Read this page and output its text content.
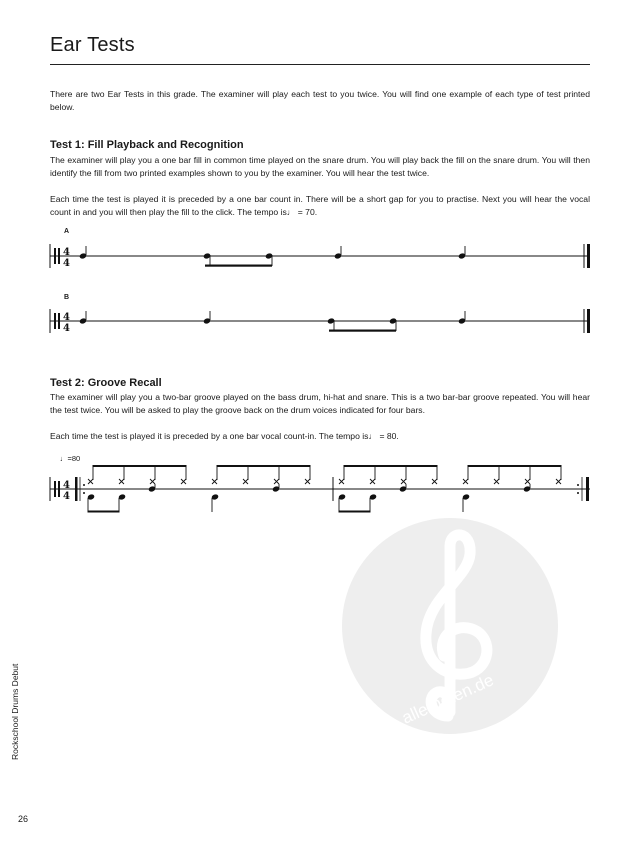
Ear Tests
There are two Ear Tests in this grade. The examiner will play each test to you twice. You will find one example of each type of test printed below.
Test 1: Fill Playback and Recognition
The examiner will play you a one bar fill in common time played on the snare drum. You will play back the fill on the snare drum. You will then identify the fill from two printed examples shown to you by the examiner. You will hear the test twice.
Each time the test is played it is preceded by a one bar count in. There will be a short gap for you to practise. Next you will hear the vocal count in and you will then play the fill to the click. The tempo is♩ = 70.
A
B
Test 2: Groove Recall
The examiner will play you a two-bar groove played on the bass drum, hi-hat and snare. This is a two bar-bar groove repeated. You will hear the test twice. You will be asked to play the groove back on the drum voices indicated for four bars.
Each time the test is played it is preceded by a one bar vocal count-in. The tempo is♩ = 80.
♩=80
4
4
4
4
4
4
alle-noten.de
Rockschool Drums Debut
26
